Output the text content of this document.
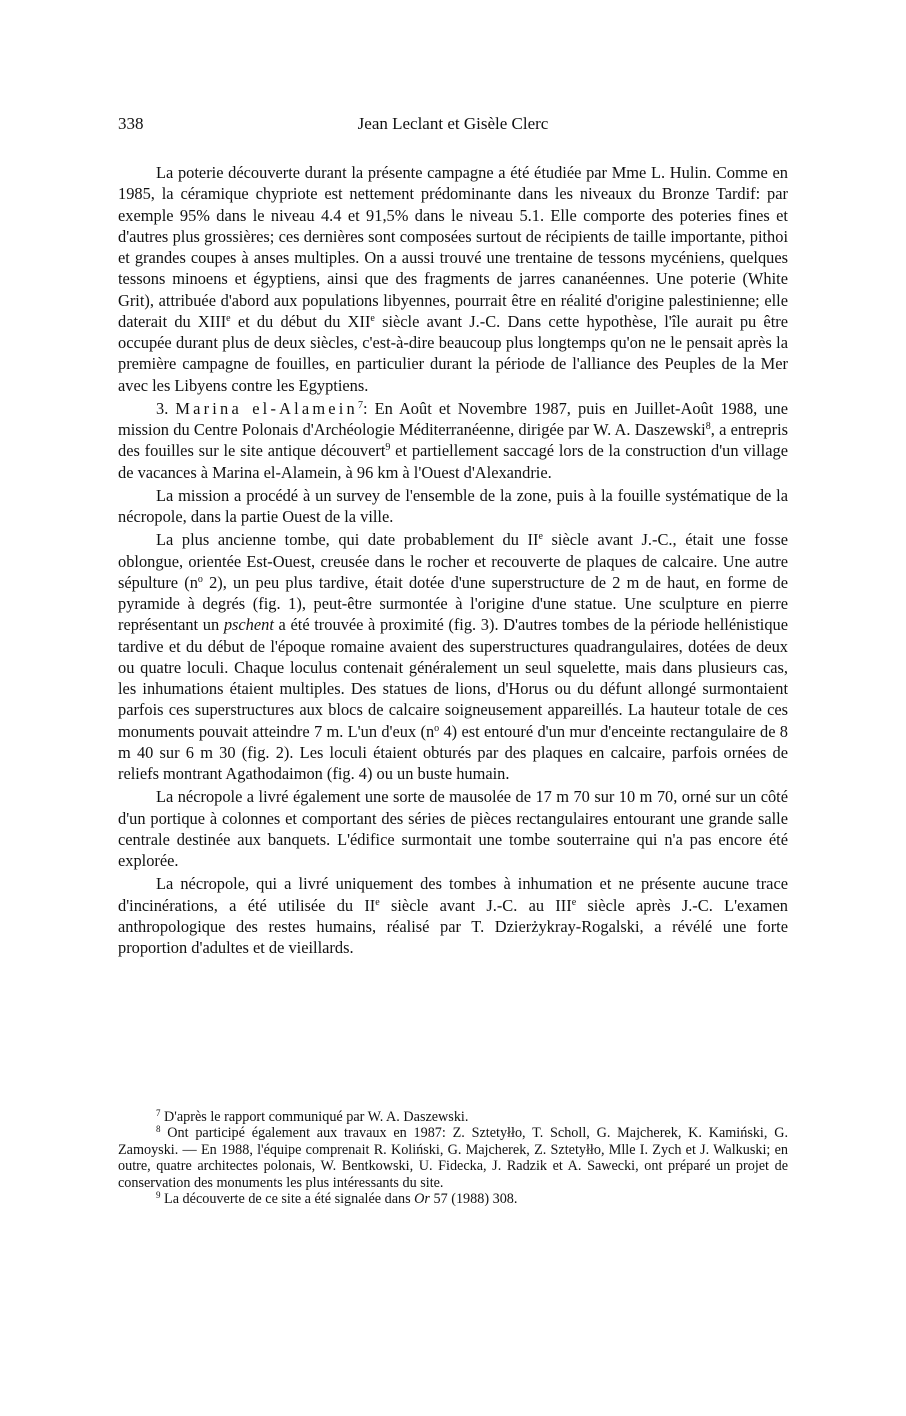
338	Jean Leclant et Gisèle Clerc

La poterie découverte durant la présente campagne a été étudiée par Mme L. Hulin. Comme en 1985, la céramique chypriote est nettement prédominante dans les niveaux du Bronze Tardif: par exemple 95% dans le niveau 4.4 et 91,5% dans le niveau 5.1. Elle comporte des poteries fines et d'autres plus grossières; ces dernières sont composées surtout de récipients de taille importante, pithoi et grandes coupes à anses multiples. On a aussi trouvé une trentaine de tessons mycéniens, quelques tessons minoens et égyptiens, ainsi que des fragments de jarres cananéennes. Une poterie (White Grit), attribuée d'abord aux populations libyennes, pourrait être en réalité d'origine palestinienne; elle daterait du XIIIe et du début du XIIe siècle avant J.-C. Dans cette hypothèse, l'île aurait pu être occupée durant plus de deux siècles, c'est-à-dire beaucoup plus longtemps qu'on ne le pensait après la première campagne de fouilles, en particulier durant la période de l'alliance des Peuples de la Mer avec les Libyens contre les Egyptiens.

3. Marina el-Alamein$^7$: En Août et Novembre 1987, puis en Juillet-Août 1988, une mission du Centre Polonais d'Archéologie Méditerranéenne, dirigée par W. A. Daszewski$^8$, a entrepris des fouilles sur le site antique découvert$^9$ et partiellement saccagé lors de la construction d'un village de vacances à Marina el-Alamein, à 96 km à l'Ouest d'Alexandrie.

La mission a procédé à un survey de l'ensemble de la zone, puis à la fouille systématique de la nécropole, dans la partie Ouest de la ville.

La plus ancienne tombe, qui date probablement du IIe siècle avant J.-C., était une fosse oblongue, orientée Est-Ouest, creusée dans le rocher et recouverte de plaques de calcaire. Une autre sépulture ($n^o$ 2), un peu plus tardive, était dotée d'une superstructure de 2 m de haut, en forme de pyramide à degrés (fig. 1), peut-être surmontée à l'origine d'une statue. Une sculpture en pierre représentant un pschent a été trouvée à proximité (fig. 3). D'autres tombes de la période hellénistique tardive et du début de l'époque romaine avaient des superstructures quadrangulaires, dotées de deux ou quatre loculi. Chaque loculus contenait généralement un seul squelette, mais dans plusieurs cas, les inhumations étaient multiples. Des statues de lions, d'Horus ou du défunt allongé surmontaient parfois ces superstructures aux blocs de calcaire soigneusement appareillés. La hauteur totale de ces monuments pouvait atteindre 7 m. L'un d'eux ($n^o$ 4) est entouré d'un mur d'enceinte rectangulaire de 8 m 40 sur 6 m 30 (fig. 2). Les loculi étaient obturés par des plaques en calcaire, parfois ornées de reliefs montrant Agathodaimon (fig. 4) ou un buste humain.

La nécropole a livré également une sorte de mausolée de 17 m 70 sur 10 m 70, orné sur un côté d'un portique à colonnes et comportant des séries de pièces rectangulaires entourant une grande salle centrale destinée aux banquets. L'édifice surmontait une tombe souterraine qui n'a pas encore été explorée.

La nécropole, qui a livré uniquement des tombes à inhumation et ne présente aucune trace d'incinérations, a été utilisée du IIe siècle avant J.-C. au IIIe siècle après J.-C. L'examen anthropologique des restes humains, réalisé par T. Dzierżykray-Rogalski, a révélé une forte proportion d'adultes et de vieillards.

$^7$ D'après le rapport communiqué par W. A. Daszewski.

$^8$ Ont participé également aux travaux en 1987: Z. Sztetyłło, T. Scholl, G. Majcherek, K. Kamiński, G. Zamoyski. — En 1988, l'équipe comprenait R. Koliński, G. Majcherek, Z. Sztetyłło, Mlle I. Zych et J. Walkuski; en outre, quatre architectes polonais, W. Bentkowski, U. Fidecka, J. Radzik et A. Sawecki, ont préparé un projet de conservation des monuments les plus intéressants du site.

$^9$ La découverte de ce site a été signalée dans Or 57 (1988) 308.
